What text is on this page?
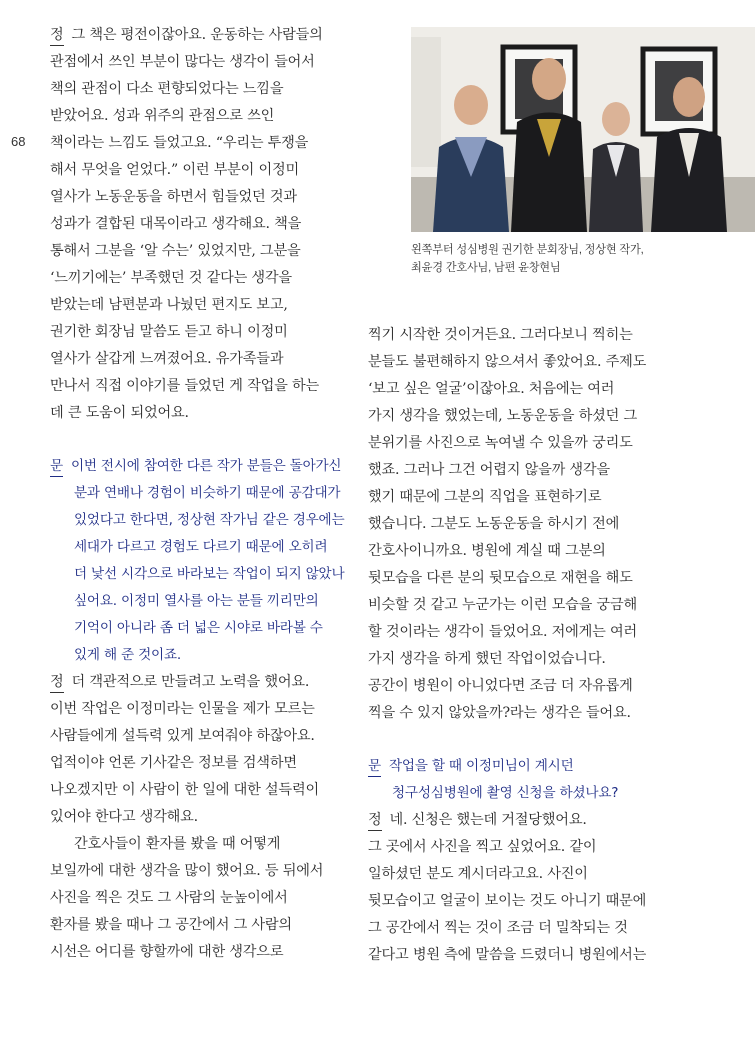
68
왼쪽부터 성심병원 권기한 분회장님, 정상현 작가,
최윤경 간호사님, 남편 윤창현님
정 그 책은 평전이잖아요. 운동하는 사람들의
관점에서 쓰인 부분이 많다는 생각이 들어서
책의 관점이 다소 편향되었다는 느낌을
받았어요. 성과 위주의 관점으로 쓰인
책이라는 느낌도 들었고요. “우리는 투쟁을
해서 무엇을 얻었다.” 이런 부분이 이정미
열사가 노동운동을 하면서 힘들었던 것과
성과가 결합된 대목이라고 생각해요. 책을
통해서 그분을 ‘알 수는’ 있었지만, 그분을
‘느끼기에는’ 부족했던 것 같다는 생각을
받았는데 남편분과 나눴던 편지도 보고,
권기한 회장님 말씀도 듣고 하니 이정미
열사가 살갑게 느껴졌어요. 유가족들과
만나서 직접 이야기를 들었던 게 작업을 하는
데 큰 도움이 되었어요.
문 이번 전시에 참여한 다른 작가 분들은 돌아가신
분과 연배나 경험이 비슷하기 때문에 공감대가
있었다고 한다면, 정상현 작가님 같은 경우에는
세대가 다르고 경험도 다르기 때문에 오히려
더 낯선 시각으로 바라보는 작업이 되지 않았나
싶어요. 이정미 열사를 아는 분들 끼리만의
기억이 아니라 좀 더 넓은 시야로 바라볼 수
있게 해 준 것이죠.
정 더 객관적으로 만들려고 노력을 했어요.
이번 작업은 이정미라는 인물을 제가 모르는
사람들에게 설득력 있게 보여줘야 하잖아요.
업적이야 언론 기사같은 정보를 검색하면
나오겠지만 이 사람이 한 일에 대한 설득력이
있어야 한다고 생각해요.
간호사들이 환자를 봤을 때 어떻게
보일까에 대한 생각을 많이 했어요. 등 뒤에서
사진을 찍은 것도 그 사람의 눈높이에서
환자를 봤을 때나 그 공간에서 그 사람의
시선은 어디를 향할까에 대한 생각으로
찍기 시작한 것이거든요. 그러다보니 찍히는
분들도 불편해하지 않으셔서 좋았어요. 주제도
‘보고 싶은 얼굴’이잖아요. 처음에는 여러
가지 생각을 했었는데, 노동운동을 하셨던 그
분위기를 사진으로 녹여낼 수 있을까 궁리도
했죠. 그러나 그건 어렵지 않을까 생각을
했기 때문에 그분의 직업을 표현하기로
했습니다. 그분도 노동운동을 하시기 전에
간호사이니까요. 병원에 계실 때 그분의
뒷모습을 다른 분의 뒷모습으로 재현을 해도
비슷할 것 같고 누군가는 이런 모습을 궁금해
할 것이라는 생각이 들었어요. 저에게는 여러
가지 생각을 하게 했던 작업이었습니다.
공간이 병원이 아니었다면 조금 더 자유롭게
찍을 수 있지 않았을까?라는 생각은 들어요.
문 작업을 할 때 이정미님이 계시던
청구성심병원에 촬영 신청을 하셨나요?
정 네. 신청은 했는데 거절당했어요.
그 곳에서 사진을 찍고 싶었어요. 같이
일하셨던 분도 계시더라고요. 사진이
뒷모습이고 얼굴이 보이는 것도 아니기 때문에
그 공간에서 찍는 것이 조금 더 밀착되는 것
같다고 병원 측에 말씀을 드렸더니 병원에서는
